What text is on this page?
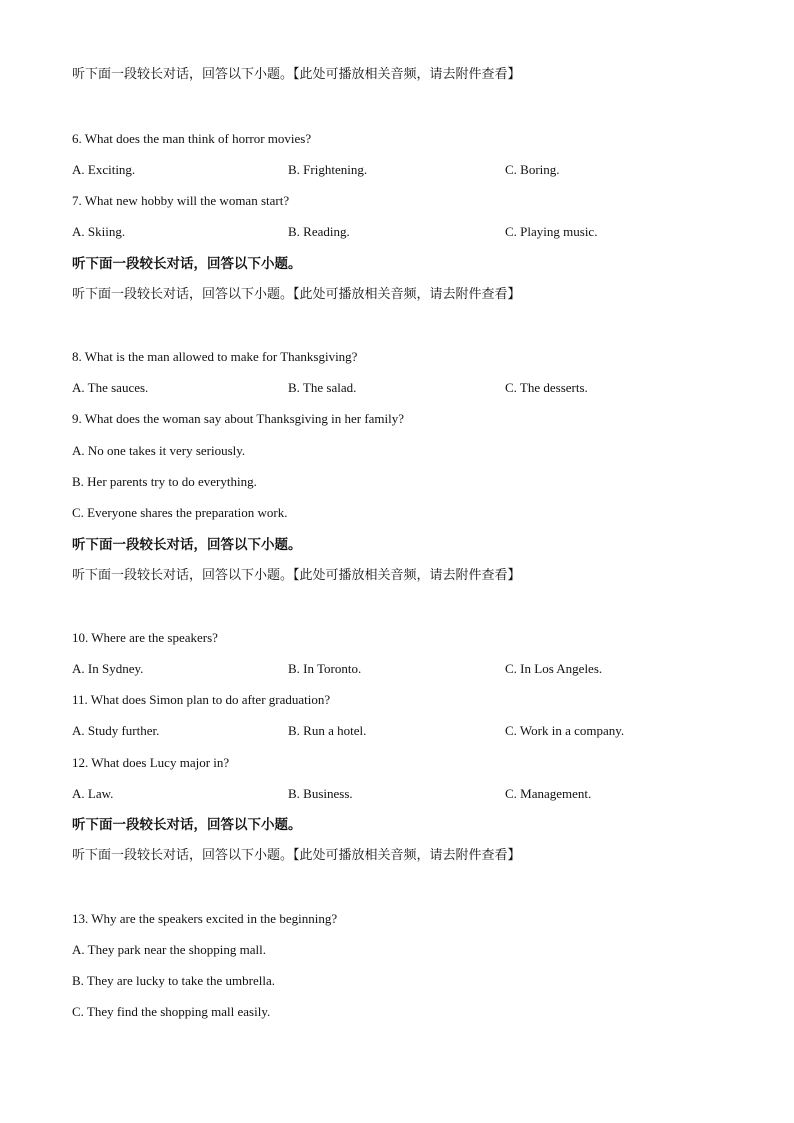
听下面一段较长对话，回答以下小题。【此处可播放相关音频，请去附件查看】
6. What does the man think of horror movies?
A. Exciting.	B. Frightening.	C. Boring.
7. What new hobby will the woman start?
A. Skiing.	B. Reading.	C. Playing music.
听下面一段较长对话，回答以下小题。
听下面一段较长对话，回答以下小题。【此处可播放相关音频，请去附件查看】
8. What is the man allowed to make for Thanksgiving?
A. The sauces.	B. The salad.	C. The desserts.
9. What does the woman say about Thanksgiving in her family?
A. No one takes it very seriously.
B. Her parents try to do everything.
C. Everyone shares the preparation work.
听下面一段较长对话，回答以下小题。
听下面一段较长对话，回答以下小题。【此处可播放相关音频，请去附件查看】
10. Where are the speakers?
A. In Sydney.	B. In Toronto.	C. In Los Angeles.
11. What does Simon plan to do after graduation?
A. Study further.	B. Run a hotel.	C. Work in a company.
12. What does Lucy major in?
A. Law.	B. Business.	C. Management.
听下面一段较长对话，回答以下小题。
听下面一段较长对话，回答以下小题。【此处可播放相关音频，请去附件查看】
13. Why are the speakers excited in the beginning?
A. They park near the shopping mall.
B. They are lucky to take the umbrella.
C. They find the shopping mall easily.
